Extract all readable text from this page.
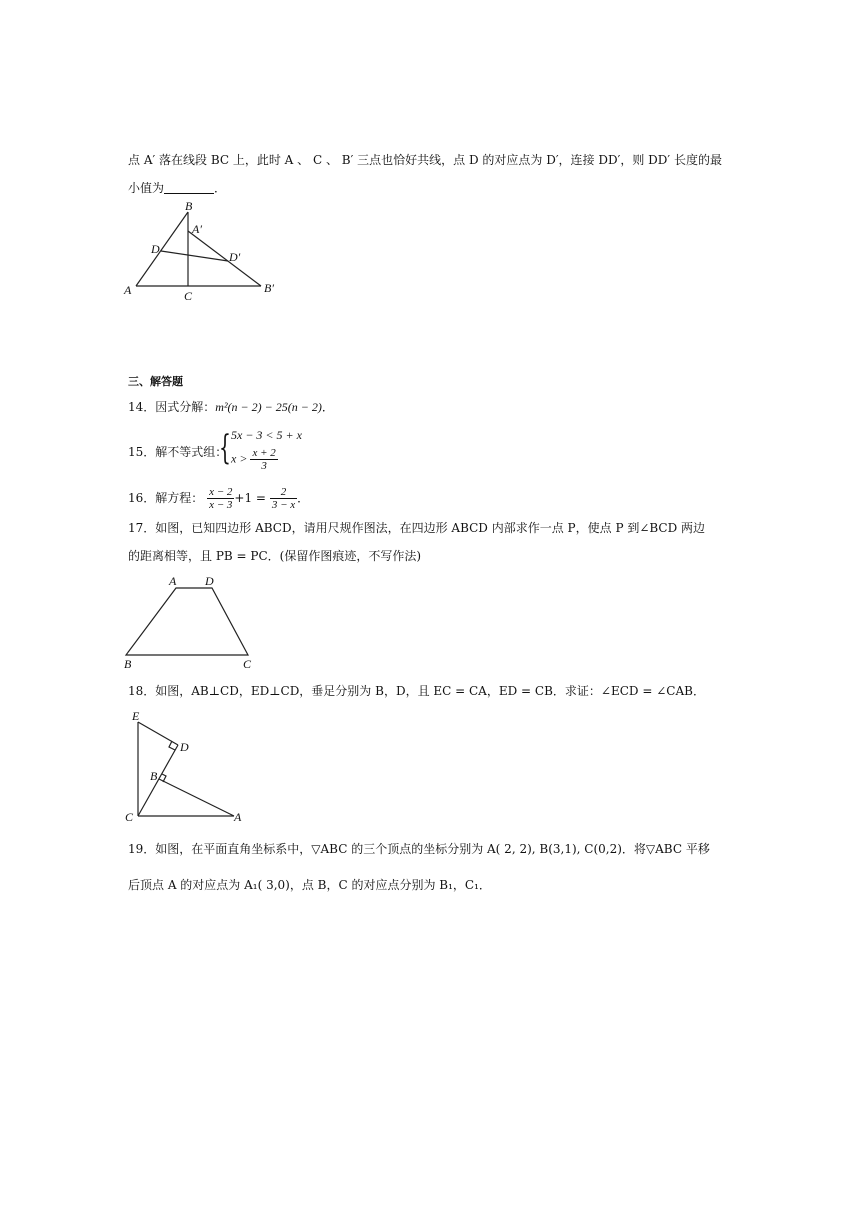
点 A′ 落在线段 BC 上，此时 A 、 C 、 B′ 三点也恰好共线，点 D 的对应点为 D′，连接 DD′，则 DD′ 长度的最
小值为	．
B
A′
D
D′
A	C
B′
三、解答题
14．因式分解：m²(n − 2) − 25(n − 2)．
15．解不等式组：
{ 5x − 3 < 5 + x
$x > \frac{x + 2}{3}$
16．解方程： $\frac{x - 2}{x - 3} +1 = \frac{2}{3 - x}$ ．
17．如图，已知四边形 ABCD，请用尺规作图法，在四边形 ABCD 内部求作一点 P，使点 P 到∠BCD 两边
的距离相等，且 PB = PC．(保留作图痕迹，不写作法)
A D
B	C
18．如图，AB⊥CD，ED⊥CD，垂足分别为 B，D，且 EC = CA，ED = CB．求证：∠ECD = ∠CAB．
E
D
B
C	A
19．如图，在平面直角坐标系中，▽ABC 的三个顶点的坐标分别为 A( 2, 2), B(3,1), C(0,2)．将▽ABC 平移
后顶点 A 的对应点为 A₁( 3,0)，点 B，C 的对应点分别为 B₁，C₁．
